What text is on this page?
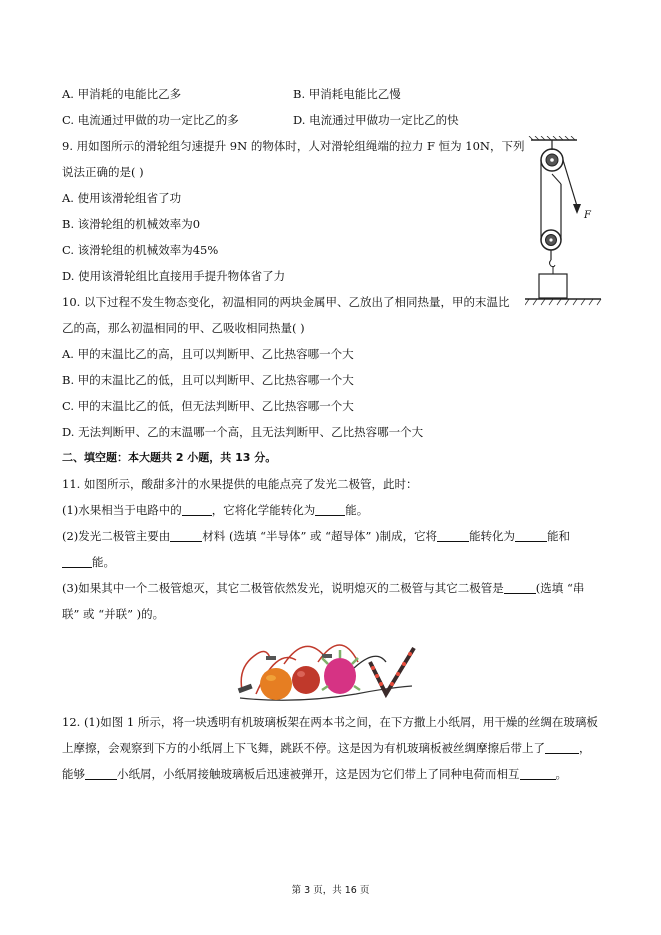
A. 甲消耗的电能比乙多	B. 甲消耗电能比乙慢
C. 电流通过甲做的功一定比乙的多	D. 电流通过甲做功一定比乙的快
9. 用如图所示的滑轮组匀速提升 9N 的物体时，人对滑轮组绳端的拉力 F 恒为 10N，下列
说法正确的是( )
A. 使用该滑轮组省了功
B. 该滑轮组的机械效率为0
C. 该滑轮组的机械效率为45%
D. 使用该滑轮组比直接用手提升物体省了力
F
10. 以下过程不发生物态变化，初温相同的两块金属甲、乙放出了相同热量，甲的末温比
乙的高，那么初温相同的甲、乙吸收相同热量( )
A. 甲的末温比乙的高，且可以判断甲、乙比热容哪一个大
B. 甲的末温比乙的低，且可以判断甲、乙比热容哪一个大
C. 甲的末温比乙的低，但无法判断甲、乙比热容哪一个大
D. 无法判断甲、乙的末温哪一个高，且无法判断甲、乙比热容哪一个大
二、填空题：本大题共 2 小题，共 13 分。
11. 如图所示，酸甜多汁的水果提供的电能点亮了发光二极管，此时：
(1)水果相当于电路中的	，它将化学能转化为	能。
(2)发光二极管主要由	材料 (选填 “半导体” 或 “超导体” )制成，它将	能转化为	能和
能。
(3)如果其中一个二极管熄灭，其它二极管依然发光，说明熄灭的二极管与其它二极管是	(选填 “串
联” 或 “并联” )的。
12. (1)如图 1 所示，将一块透明有机玻璃板架在两本书之间，在下方撒上小纸屑，用干燥的丝绸在玻璃板
上摩擦，会观察到下方的小纸屑上下飞舞，跳跃不停。这是因为有机玻璃板被丝绸摩擦后带上了	，
能够	小纸屑，小纸屑接触玻璃板后迅速被弹开，这是因为它们带上了同种电荷而相互	。
第 3 页，共 16 页
